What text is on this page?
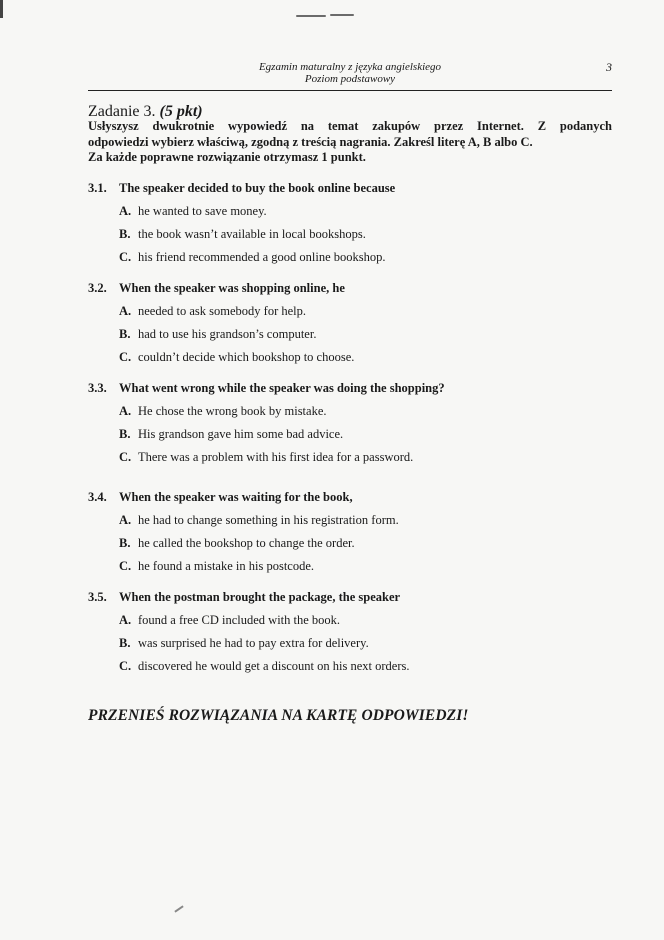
Egzamin maturalny z języka angielskiego
Poziom podstawowy
3
Zadanie 3. (5 pkt)
Usłyszysz dwukrotnie wypowiedź na temat zakupów przez Internet. Z podanych
odpowiedzi wybierz właściwą, zgodną z treścią nagrania. Zakreśl literę A, B albo C.
Za każde poprawne rozwiązanie otrzymasz 1 punkt.
3.1. The speaker decided to buy the book online because
A. he wanted to save money.
B. the book wasn’t available in local bookshops.
C. his friend recommended a good online bookshop.
3.2. When the speaker was shopping online, he
A. needed to ask somebody for help.
B. had to use his grandson’s computer.
C. couldn’t decide which bookshop to choose.
3.3. What went wrong while the speaker was doing the shopping?
A. He chose the wrong book by mistake.
B. His grandson gave him some bad advice.
C. There was a problem with his first idea for a password.
3.4. When the speaker was waiting for the book,
A. he had to change something in his registration form.
B. he called the bookshop to change the order.
C. he found a mistake in his postcode.
3.5. When the postman brought the package, the speaker
A. found a free CD included with the book.
B. was surprised he had to pay extra for delivery.
C. discovered he would get a discount on his next orders.
PRZENIEŚ ROZWIĄZANIA NA KARTĘ ODPOWIEDZI!
